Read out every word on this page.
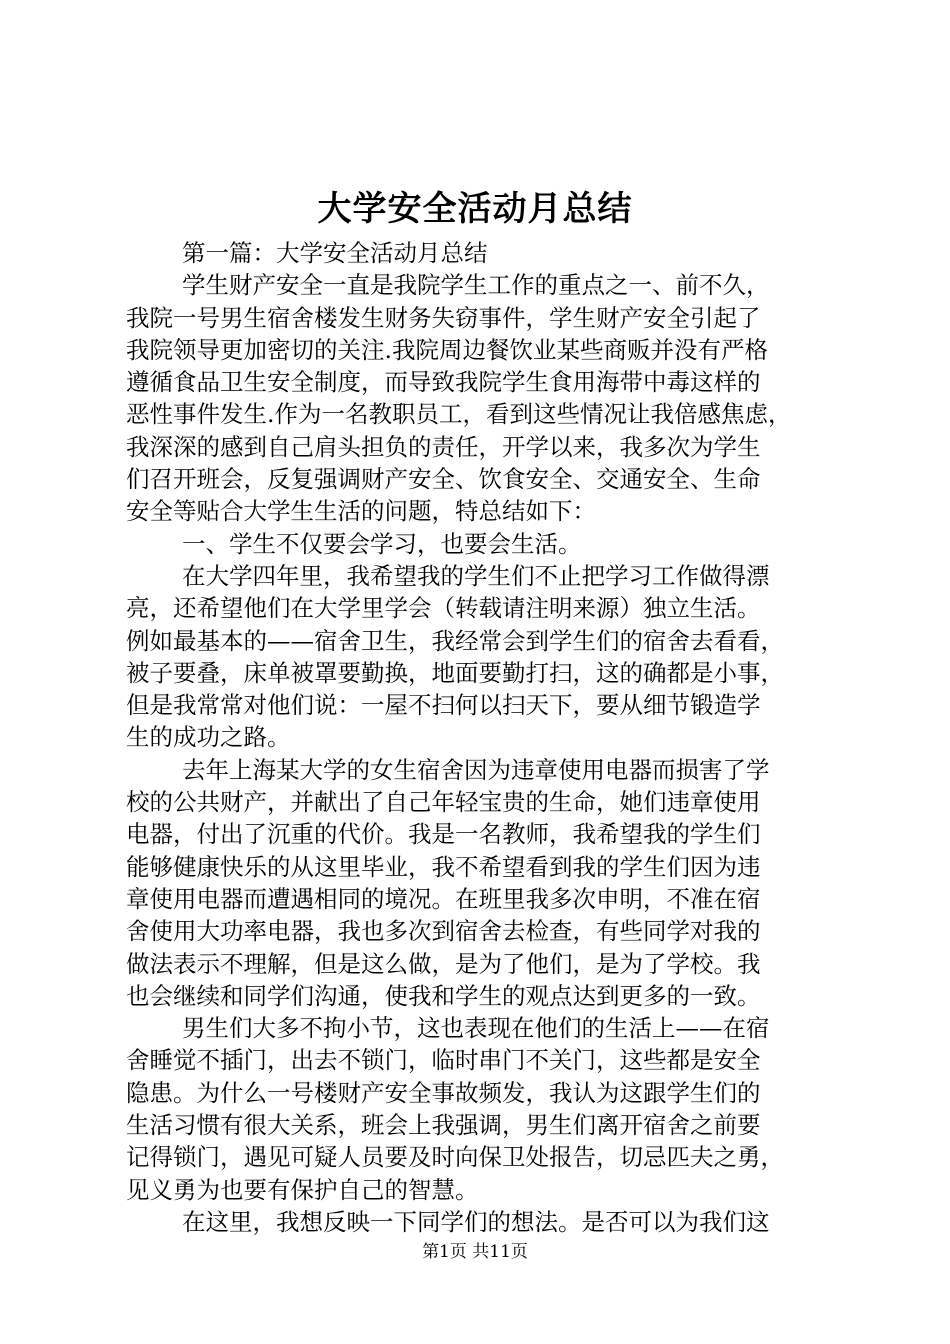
大学安全活动月总结
第一篇：大学安全活动月总结
学生财产安全一直是我院学生工作的重点之一、前不久，
我院一号男生宿舍楼发生财务失窃事件，学生财产安全引起了
我院领导更加密切的关注.我院周边餐饮业某些商贩并没有严格
遵循食品卫生安全制度，而导致我院学生食用海带中毒这样的
恶性事件发生.作为一名教职员工，看到这些情况让我倍感焦虑，
我深深的感到自己肩头担负的责任，开学以来，我多次为学生
们召开班会，反复强调财产安全、饮食安全、交通安全、生命
安全等贴合大学生生活的问题，特总结如下：
一、学生不仅要会学习，也要会生活。
在大学四年里，我希望我的学生们不止把学习工作做得漂
亮，还希望他们在大学里学会（转载请注明来源）独立生活。
例如最基本的——宿舍卫生，我经常会到学生们的宿舍去看看，
被子要叠，床单被罩要勤换，地面要勤打扫，这的确都是小事，
但是我常常对他们说：一屋不扫何以扫天下，要从细节锻造学
生的成功之路。
去年上海某大学的女生宿舍因为违章使用电器而损害了学
校的公共财产，并献出了自己年轻宝贵的生命，她们违章使用
电器，付出了沉重的代价。我是一名教师，我希望我的学生们
能够健康快乐的从这里毕业，我不希望看到我的学生们因为违
章使用电器而遭遇相同的境况。在班里我多次申明，不准在宿
舍使用大功率电器，我也多次到宿舍去检查，有些同学对我的
做法表示不理解，但是这么做，是为了他们，是为了学校。我
也会继续和同学们沟通，使我和学生的观点达到更多的一致。
男生们大多不拘小节，这也表现在他们的生活上——在宿
舍睡觉不插门，出去不锁门，临时串门不关门，这些都是安全
隐患。为什么一号楼财产安全事故频发，我认为这跟学生们的
生活习惯有很大关系，班会上我强调，男生们离开宿舍之前要
记得锁门，遇见可疑人员要及时向保卫处报告，切忌匹夫之勇，
见义勇为也要有保护自己的智慧。
在这里，我想反映一下同学们的想法。是否可以为我们这
第1页 共11页
